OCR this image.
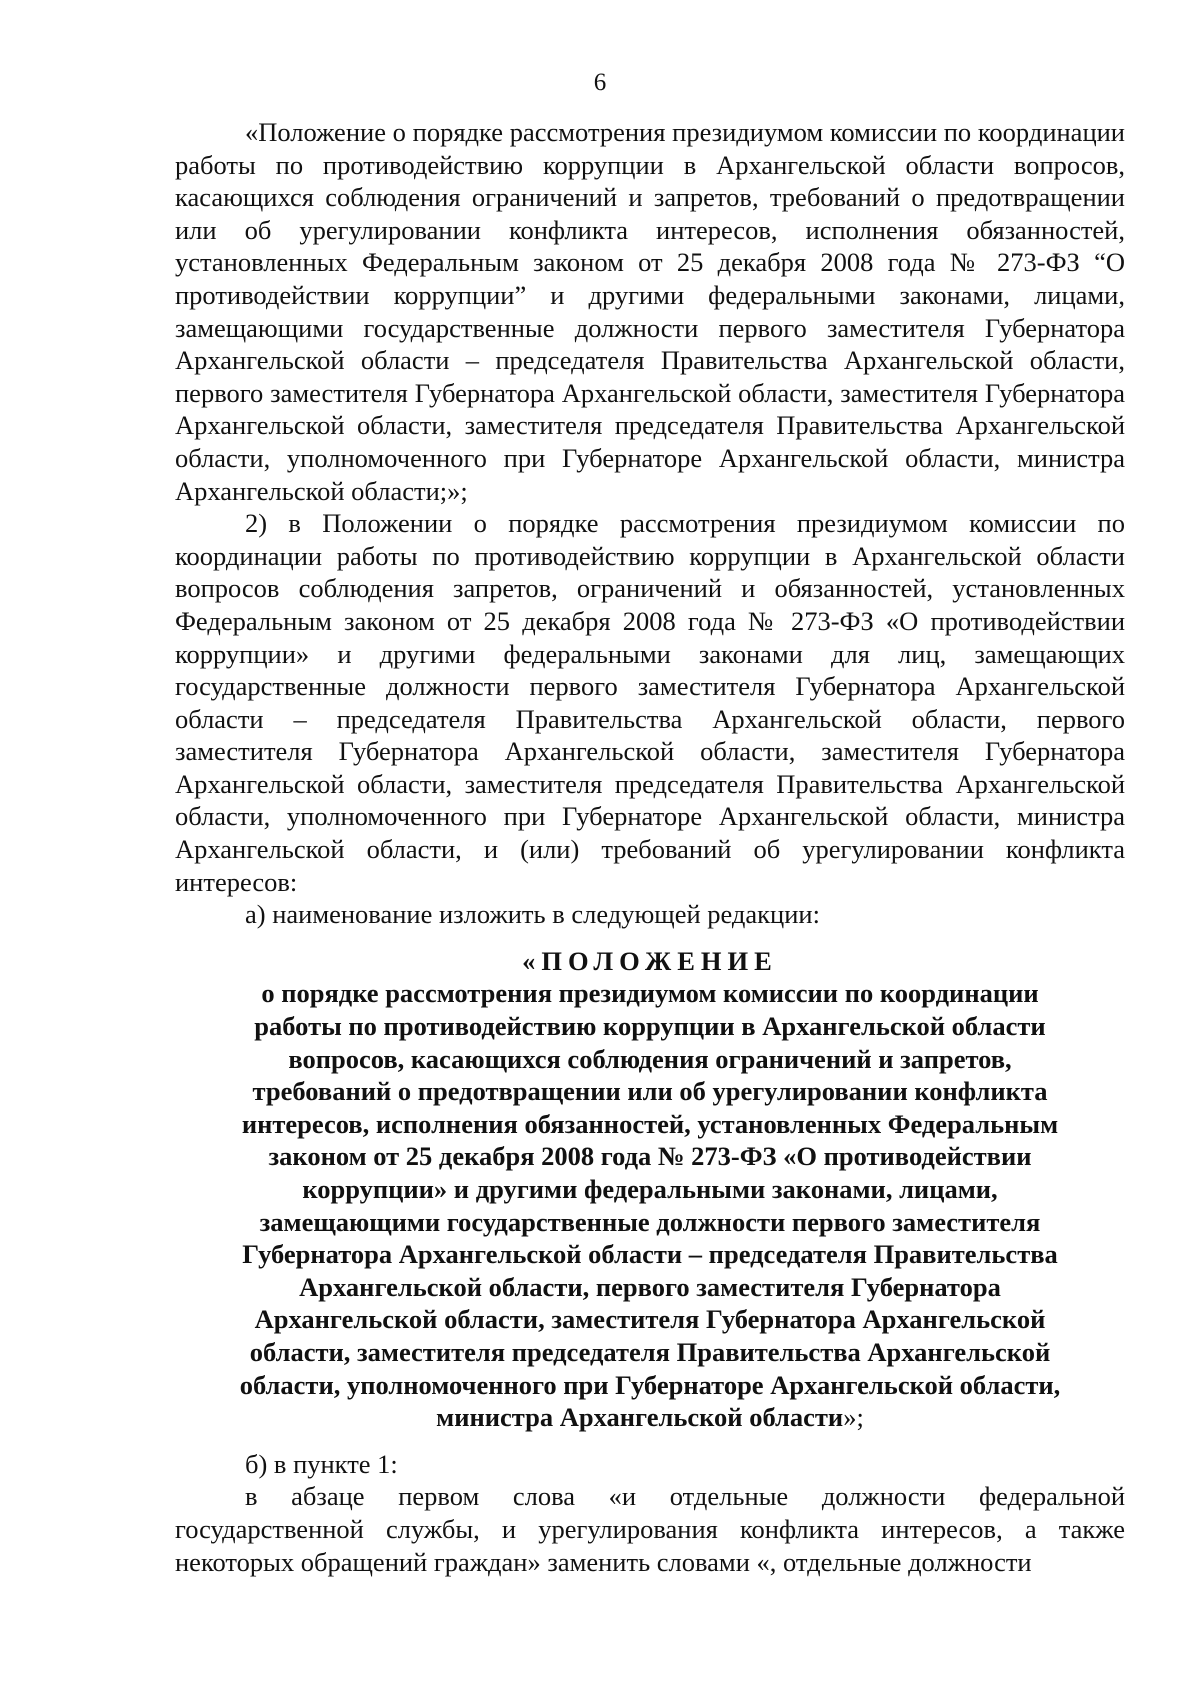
6

«Положение о порядке рассмотрения президиумом комиссии по координации работы по противодействию коррупции в Архангельской области вопросов, касающихся соблюдения ограничений и запретов, требований о предотвращении или об урегулировании конфликта интересов, исполнения обязанностей, установленных Федеральным законом от 25 декабря 2008 года № 273-ФЗ “О противодействии коррупции” и другими федеральными законами, лицами, замещающими государственные должности первого заместителя Губернатора Архангельской области – председателя Правительства Архангельской области, первого заместителя Губернатора Архангельской области, заместителя Губернатора Архангельской области, заместителя председателя Правительства Архангельской области, уполномоченного при Губернаторе Архангельской области, министра Архангельской области;»;

2) в Положении о порядке рассмотрения президиумом комиссии по координации работы по противодействию коррупции в Архангельской области вопросов соблюдения запретов, ограничений и обязанностей, установленных Федеральным законом от 25 декабря 2008 года № 273-ФЗ «О противодействии коррупции» и другими федеральными законами для лиц, замещающих государственные должности первого заместителя Губернатора Архангельской области – председателя Правительства Архангельской области, первого заместителя Губернатора Архангельской области, заместителя Губернатора Архангельской области, заместителя председателя Правительства Архангельской области, уполномоченного при Губернаторе Архангельской области, министра Архангельской области, и (или) требований об урегулировании конфликта интересов:

а) наименование изложить в следующей редакции:

«ПОЛОЖЕНИЕ
о порядке рассмотрения президиумом комиссии по координации
работы по противодействию коррупции в Архангельской области
вопросов, касающихся соблюдения ограничений и запретов,
требований о предотвращении или об урегулировании конфликта
интересов, исполнения обязанностей, установленных Федеральным
законом от 25 декабря 2008 года № 273-ФЗ «О противодействии
коррупции» и другими федеральными законами, лицами,
замещающими государственные должности первого заместителя
Губернатора Архангельской области – председателя Правительства
Архангельской области, первого заместителя Губернатора
Архангельской области, заместителя Губернатора Архангельской
области, заместителя председателя Правительства Архангельской
области, уполномоченного при Губернаторе Архангельской области,
министра Архангельской области»;

б) в пункте 1:

в абзаце первом слова «и отдельные должности федеральной государственной службы, и урегулирования конфликта интересов, а также некоторых обращений граждан» заменить словами «, отдельные должности
